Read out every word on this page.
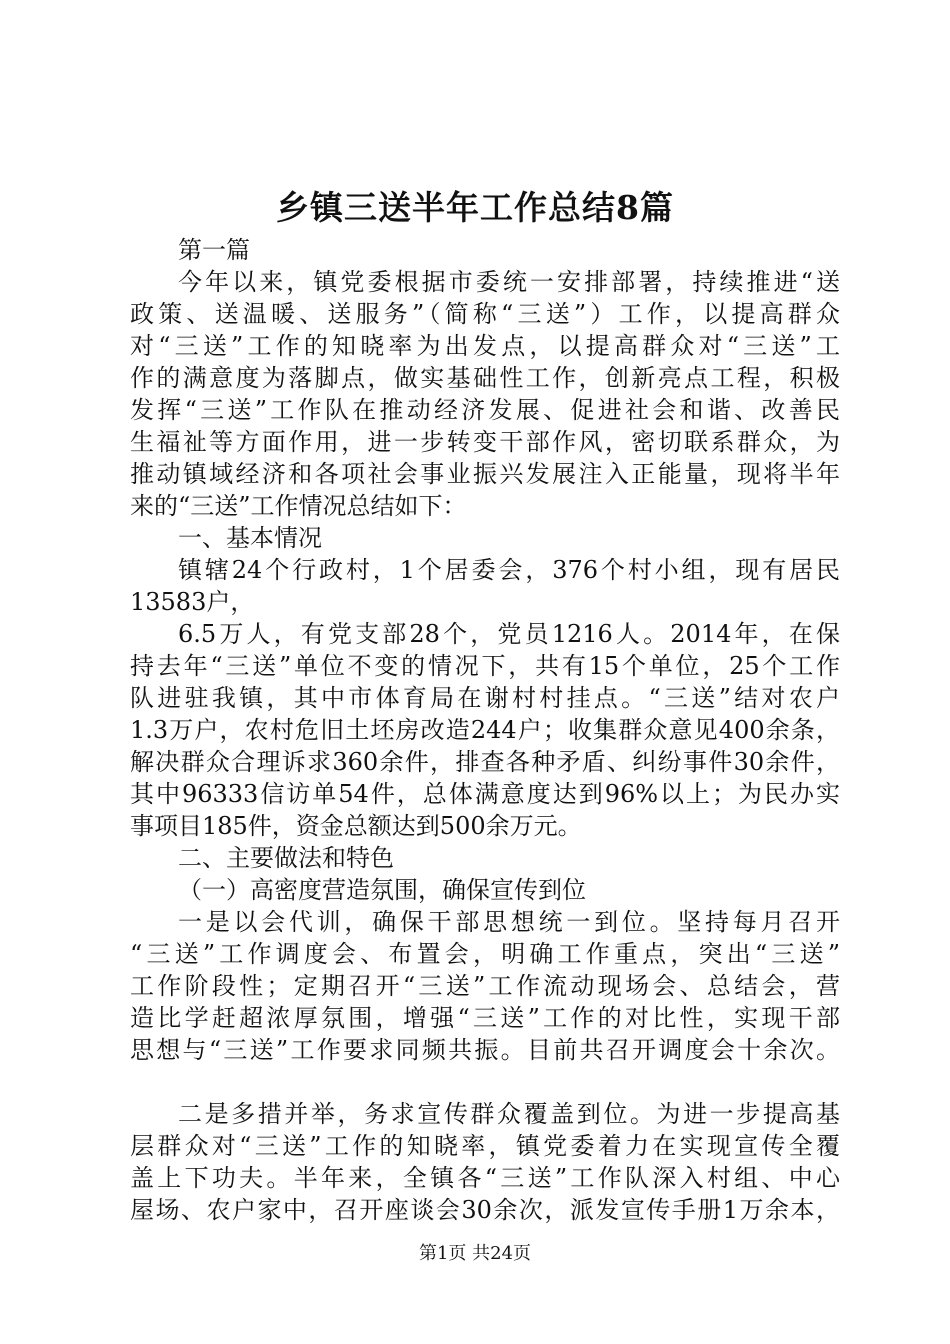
乡镇三送半年工作总结8篇
第一篇
今年以来，镇党委根据市委统一安排部署，持续推进“送
政策、送温暖、送服务”（简称“三送”）工作，以提高群众
对“三送”工作的知晓率为出发点，以提高群众对“三送”工
作的满意度为落脚点，做实基础性工作，创新亮点工程，积极
发挥“三送”工作队在推动经济发展、促进社会和谐、改善民
生福祉等方面作用，进一步转变干部作风，密切联系群众，为
推动镇域经济和各项社会事业振兴发展注入正能量，现将半年
来的“三送”工作情况总结如下：
一、基本情况
镇辖24个行政村，1个居委会，376个村小组，现有居民
13583户，
6.5万人，有党支部28个，党员1216人。2014年，在保
持去年“三送”单位不变的情况下，共有15个单位，25个工作
队进驻我镇，其中市体育局在谢村村挂点。“三送”结对农户
1.3万户，农村危旧土坯房改造244户；收集群众意见400余条，
解决群众合理诉求360余件，排查各种矛盾、纠纷事件30余件，
其中96333信访单54件，总体满意度达到96%以上；为民办实
事项目185件，资金总额达到500余万元。
二、主要做法和特色
（一）高密度营造氛围，确保宣传到位
一是以会代训，确保干部思想统一到位。坚持每月召开
“三送”工作调度会、布置会，明确工作重点，突出“三送”
工作阶段性；定期召开“三送”工作流动现场会、总结会，营
造比学赶超浓厚氛围，增强“三送”工作的对比性，实现干部
思想与“三送”工作要求同频共振。目前共召开调度会十余次。
二是多措并举，务求宣传群众覆盖到位。为进一步提高基
层群众对“三送”工作的知晓率，镇党委着力在实现宣传全覆
盖上下功夫。半年来，全镇各“三送”工作队深入村组、中心
屋场、农户家中，召开座谈会30余次，派发宣传手册1万余本，
第1页 共24页
